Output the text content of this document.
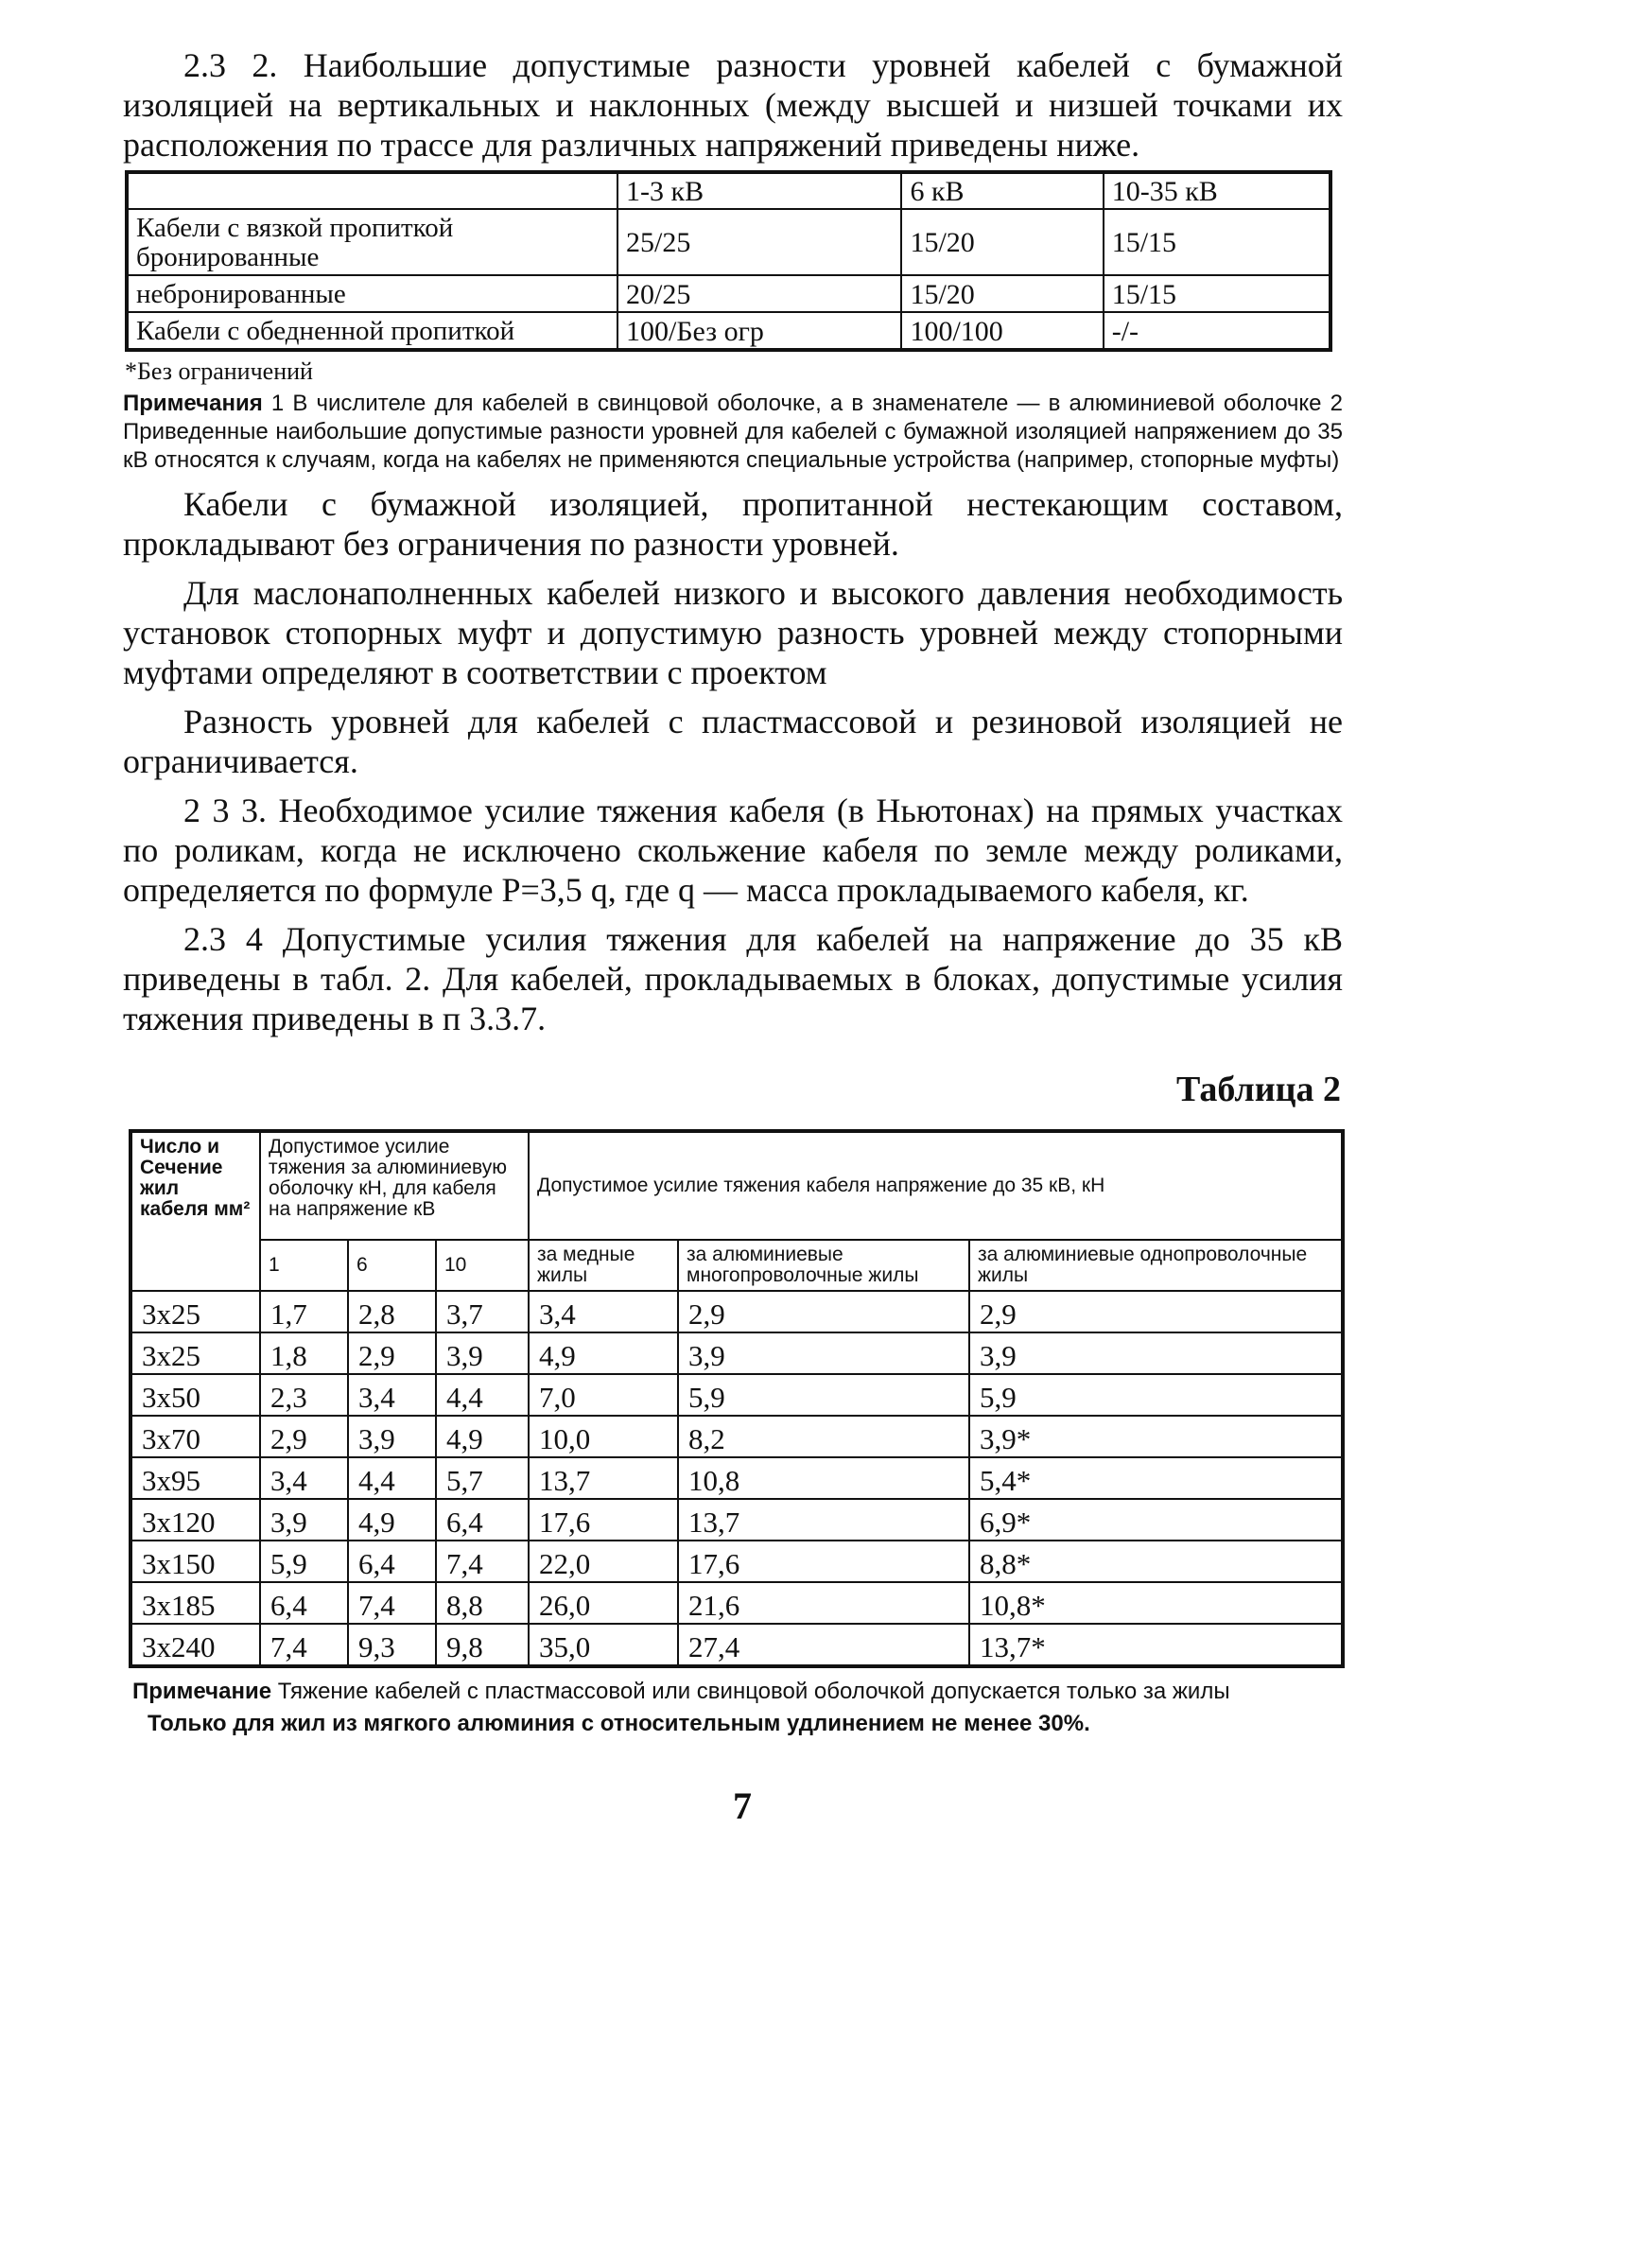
2.3 2. Наибольшие допустимые разности уровней кабелей с бумажной изоляцией на вертикальных и наклонных (между высшей и низшей точками их расположения по трассе для различных напряжений приведены ниже.

	1-3 кВ	6 кВ	10-35 кВ
Кабели с вязкой пропиткой бронированные	25/25	15/20	15/15
небронированные	20/25	15/20	15/15
Кабели с обедненной пропиткой	100/Без огр	100/100	-/-

*Без ограничений

Примечания 1 В числителе для кабелей в свинцовой оболочке, а в знаменателе — в алюминиевой оболочке 2 Приведенные наибольшие допустимые разности уровней для кабелей с бумажной изоляцией напряжением до 35 кВ относятся к случаям, когда на кабелях не применяются специальные устройства (например, стопорные муфты)

Кабели с бумажной изоляцией, пропитанной нестекающим составом, прокладывают без ограничения по разности уровней.

Для маслонаполненных кабелей низкого и высокого давления необходимость установок стопорных муфт и допустимую разность уровней между стопорными муфтами определяют в соответствии с проектом

Разность уровней для кабелей с пластмассовой и резиновой изоляцией не ограничивается.

2 3 3. Необходимое усилие тяжения кабеля (в Ньютонах) на прямых участках по роликам, когда не исключено скольжение кабеля по земле между роликами, определяется по формуле P=3,5 q, где q — масса прокладываемого кабеля, кг.

2.3 4 Допустимые усилия тяжения для кабелей на напряжение до 35 кВ приведены в табл. 2. Для кабелей, прокладываемых в блоках, допустимые усилия тяжения приведены в п 3.3.7.

Таблица 2

Число и Сечение жил кабеля мм²	Допустимое усилие тяжения за алюминиевую оболочку кН, для кабеля на напряжение кВ			Допустимое усилие тяжения кабеля напряжение до 35 кВ, кН		
	1	6	10	за медные жилы	за алюминиевые многопроволочные жилы	за алюминиевые однопроволочные жилы
3х25	1,7	2,8	3,7	3,4	2,9	2,9
3х25	1,8	2,9	3,9	4,9	3,9	3,9
3х50	2,3	3,4	4,4	7,0	5,9	5,9
3х70	2,9	3,9	4,9	10,0	8,2	3,9*
3х95	3,4	4,4	5,7	13,7	10,8	5,4*
3х120	3,9	4,9	6,4	17,6	13,7	6,9*
3х150	5,9	6,4	7,4	22,0	17,6	8,8*
3х185	6,4	7,4	8,8	26,0	21,6	10,8*
3х240	7,4	9,3	9,8	35,0	27,4	13,7*

Примечание Тяжение кабелей с пластмассовой или свинцовой оболочкой допускается только за жилы

Только для жил из мягкого алюминия с относительным удлинением не менее 30%.

7
